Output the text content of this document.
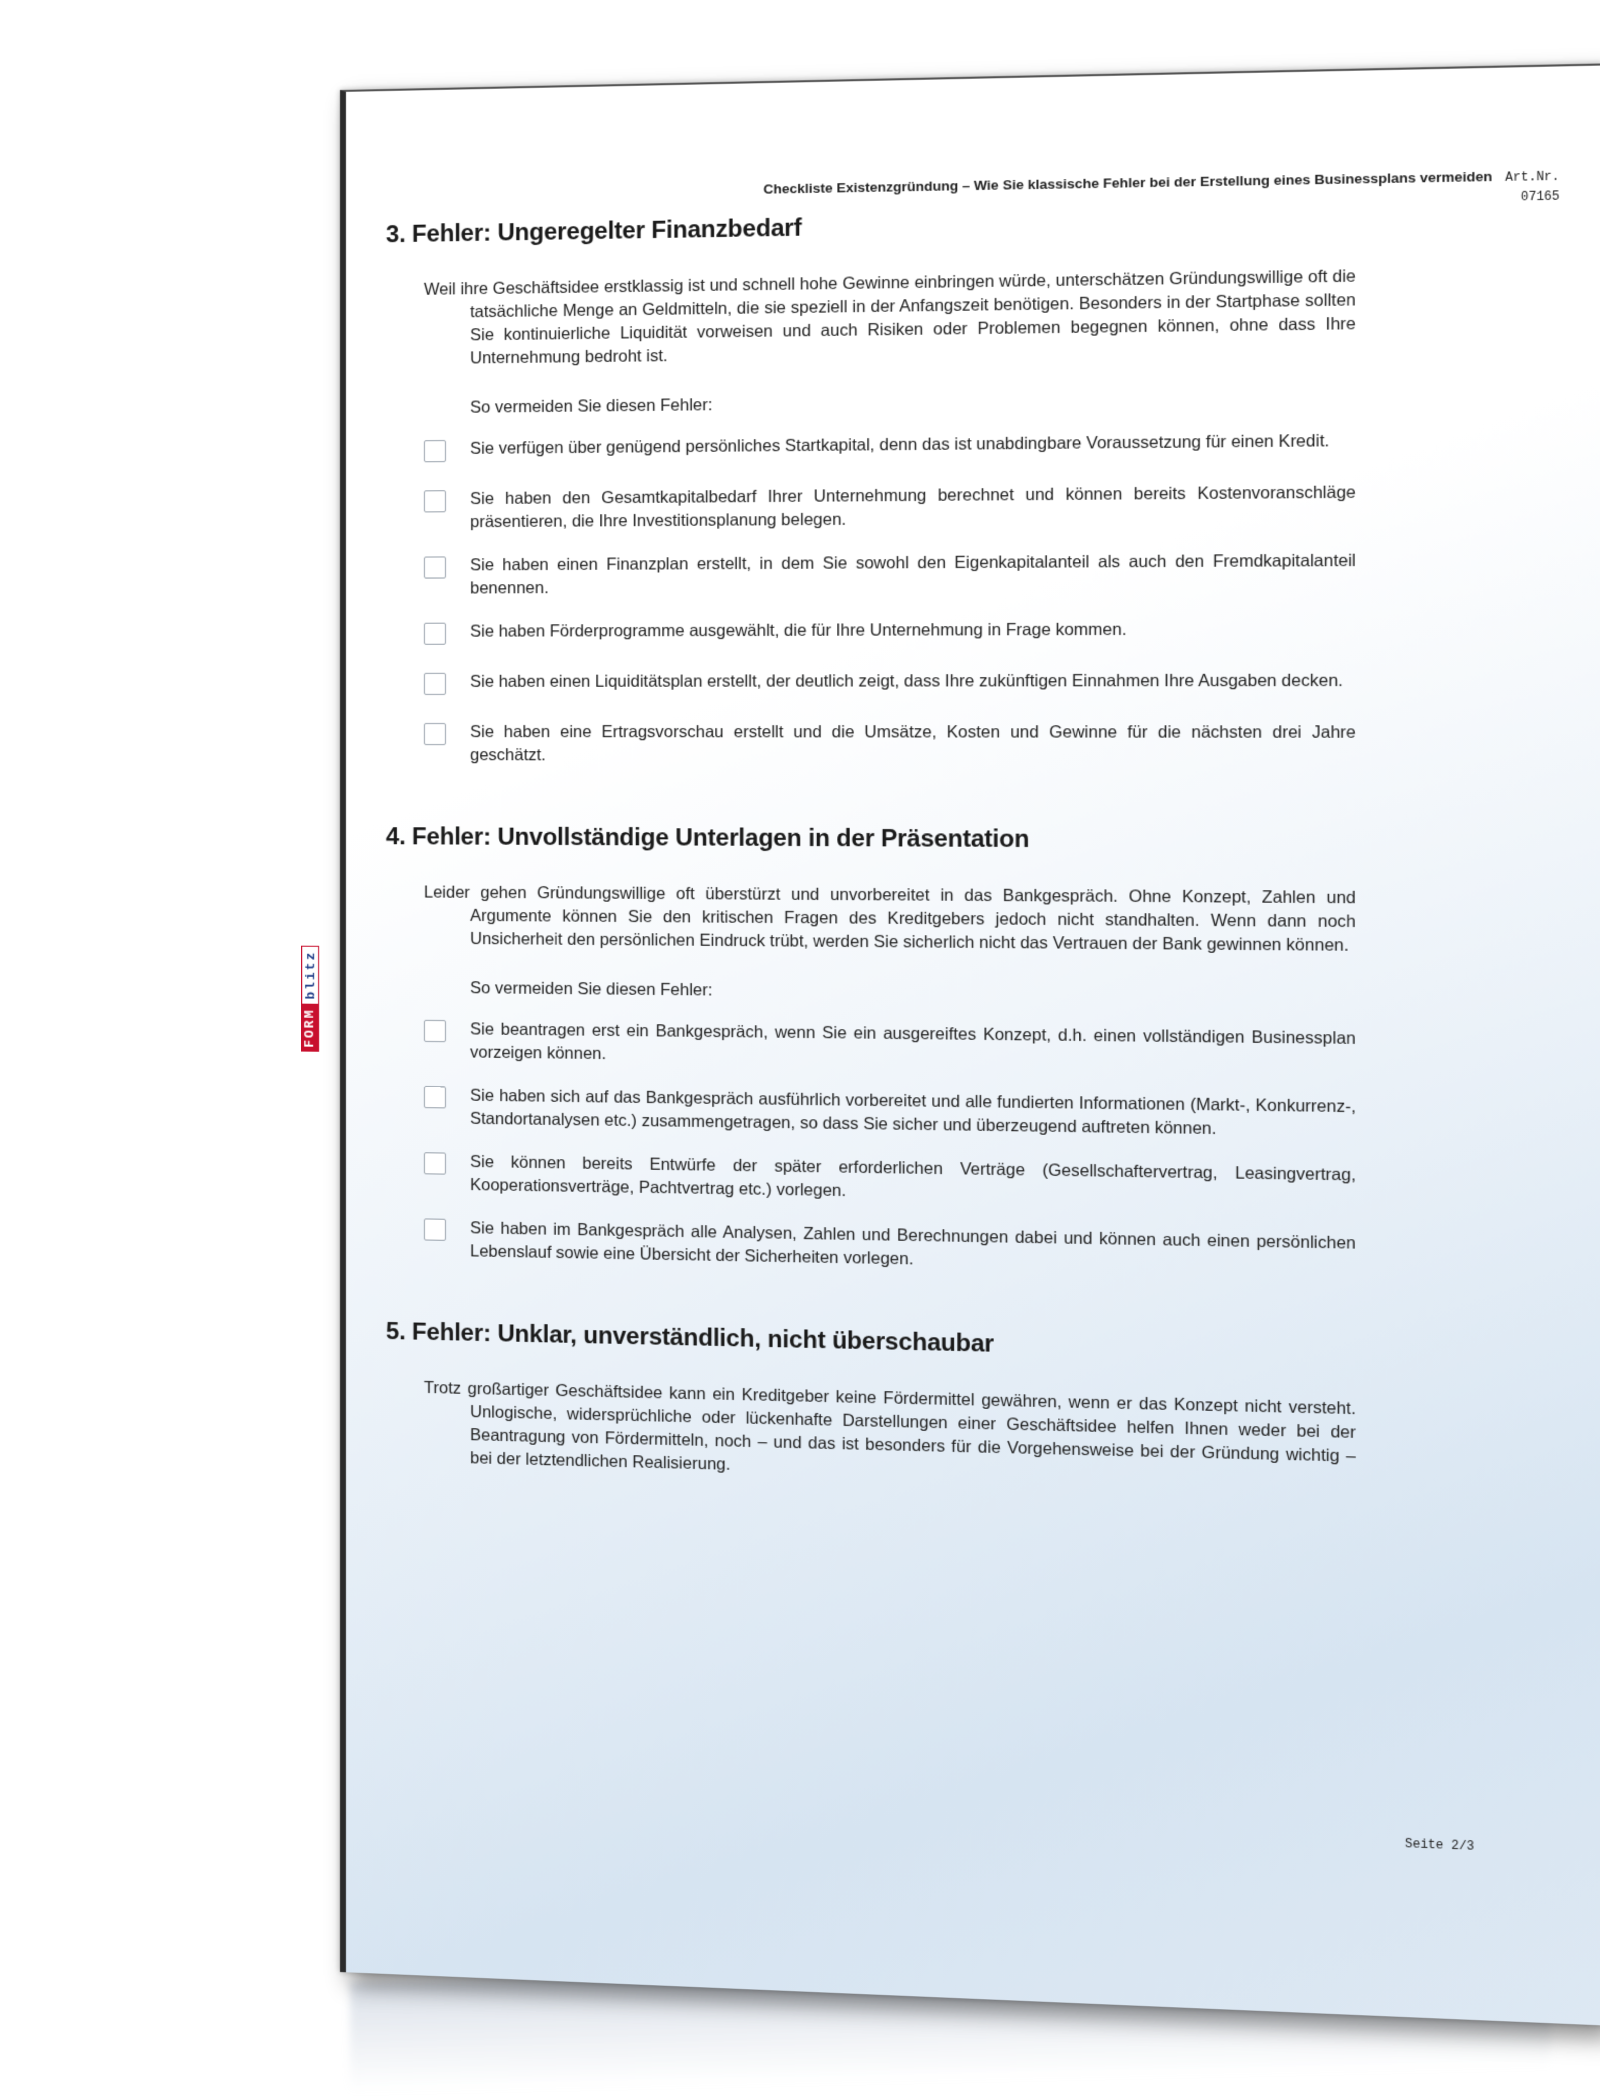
Checkliste Existenzgründung – Wie Sie klassische Fehler bei der Erstellung eines Businessplans vermeiden Art.Nr. 07165
FORM
blitz
3. Fehler: Ungeregelter Finanzbedarf

Weil ihre Geschäftsidee erstklassig ist und schnell hohe Gewinne einbringen würde, unterschätzen Gründungswillige oft die tatsächliche Menge an Geldmitteln, die sie speziell in der Anfangszeit benötigen. Besonders in der Startphase sollten Sie kontinuierliche Liquidität vorweisen und auch Risiken oder Problemen begegnen können, ohne dass Ihre Unternehmung bedroht ist.

So vermeiden Sie diesen Fehler:

Sie verfügen über genügend persönliches Startkapital, denn das ist unabdingbare Voraussetzung für einen Kredit.
Sie haben den Gesamtkapitalbedarf Ihrer Unternehmung berechnet und können bereits Kostenvoranschläge präsentieren, die Ihre Investitionsplanung belegen.
Sie haben einen Finanzplan erstellt, in dem Sie sowohl den Eigenkapitalanteil als auch den Fremdkapitalanteil benennen.
Sie haben Förderprogramme ausgewählt, die für Ihre Unternehmung in Frage kommen.
Sie haben einen Liquiditätsplan erstellt, der deutlich zeigt, dass Ihre zukünftigen Einnahmen Ihre Ausgaben decken.
Sie haben eine Ertragsvorschau erstellt und die Umsätze, Kosten und Gewinne für die nächsten drei Jahre geschätzt.
4. Fehler: Unvollständige Unterlagen in der Präsentation

Leider gehen Gründungswillige oft überstürzt und unvorbereitet in das Bankgespräch. Ohne Konzept, Zahlen und Argumente können Sie den kritischen Fragen des Kreditgebers jedoch nicht standhalten. Wenn dann noch Unsicherheit den persönlichen Eindruck trübt, werden Sie sicherlich nicht das Vertrauen der Bank gewinnen können.

So vermeiden Sie diesen Fehler:

Sie beantragen erst ein Bankgespräch, wenn Sie ein ausgereiftes Konzept, d.h. einen vollständigen Businessplan vorzeigen können.
Sie haben sich auf das Bankgespräch ausführlich vorbereitet und alle fundierten Informationen (Markt-, Konkurrenz-, Standortanalysen etc.) zusammengetragen, so dass Sie sicher und überzeugend auftreten können.
Sie können bereits Entwürfe der später erforderlichen Verträge (Gesellschaftervertrag, Leasingvertrag, Kooperationsverträge, Pachtvertrag etc.) vorlegen.
Sie haben im Bankgespräch alle Analysen, Zahlen und Berechnungen dabei und können auch einen persönlichen Lebenslauf sowie eine Übersicht der Sicherheiten vorlegen.
5. Fehler: Unklar, unverständlich, nicht überschaubar

Trotz großartiger Geschäftsidee kann ein Kreditgeber keine Fördermittel gewähren, wenn er das Konzept nicht versteht. Unlogische, widersprüchliche oder lückenhafte Darstellungen einer Geschäftsidee helfen Ihnen weder bei der Beantragung von Fördermitteln, noch – und das ist besonders für die Vorgehensweise bei der Gründung wichtig – bei der letztendlichen Realisierung.

Seite 2/3
